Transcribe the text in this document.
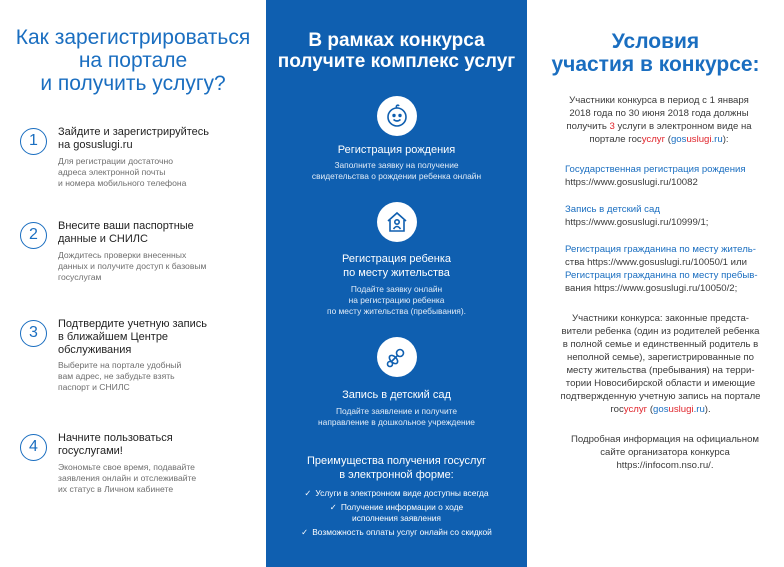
Как зарегистрироваться
на портале
и получить услугу?
1	Зайдите и зарегистрируйтесь
на gosuslugi.ru
Для регистрации достаточно
адреса электронной почты
и номера мобильного телефона
2	Внесите ваши паспортные
данные и СНИЛС
Дождитесь проверки внесенных
данных и получите доступ к базовым
госуслугам
3	Подтвердите учетную запись
в ближайшем Центре
обслуживания
Выберите на портале удобный
вам адрес, не забудьте взять
паспорт и СНИЛС
4	Начните пользоваться
госуслугами!
Экономьте свое время, подавайте
заявления онлайн и отслеживайте
их статус в Личном кабинете
В рамках конкурса
получите комплекс услуг
Регистрация рождения
Заполните заявку на получение
свидетельства о рождении ребенка онлайн
Регистрация ребенка
по месту жительства
Подайте заявку онлайн
на регистрацию ребенка
по месту жительства (пребывания).
Запись в детский сад
Подайте заявление и получите
направление в дошкольное учреждение
Преимущества получения госуслуг
в электронной форме:
✓ Услуги в электронном виде доступны всегда
✓ Получение информации о ходе
исполнения заявления
✓ Возможность оплаты услуг онлайн со скидкой
Условия
участия в конкурсе:
Участники конкурса в период с 1 января
2018 года по 30 июня 2018 года должны
получить 3 услуги в электронном виде на
портале госуслуг (gosuslugi.ru):
Государственная регистрация рождения
https://www.gosuslugi.ru/10082
Запись в детский сад
https://www.gosuslugi.ru/10999/1;
Регистрация гражданина по месту житель-
ства https://www.gosuslugi.ru/10050/1 или
Регистрация гражданина по месту пребыв-
вания https://www.gosuslugi.ru/10050/2;
Участники конкурса: законные предста-
вители ребенка (один из родителей ребенка
в полной семье и единственный родитель в
неполной семье), зарегистрированные по
месту жительства (пребывания) на терри-
тории Новосибирской области и имеющие
подтвержденную учетную запись на портале
госуслуг (gosuslugi.ru).
Подробная информация на официальном
сайте организатора конкурса
https://infocom.nso.ru/.
